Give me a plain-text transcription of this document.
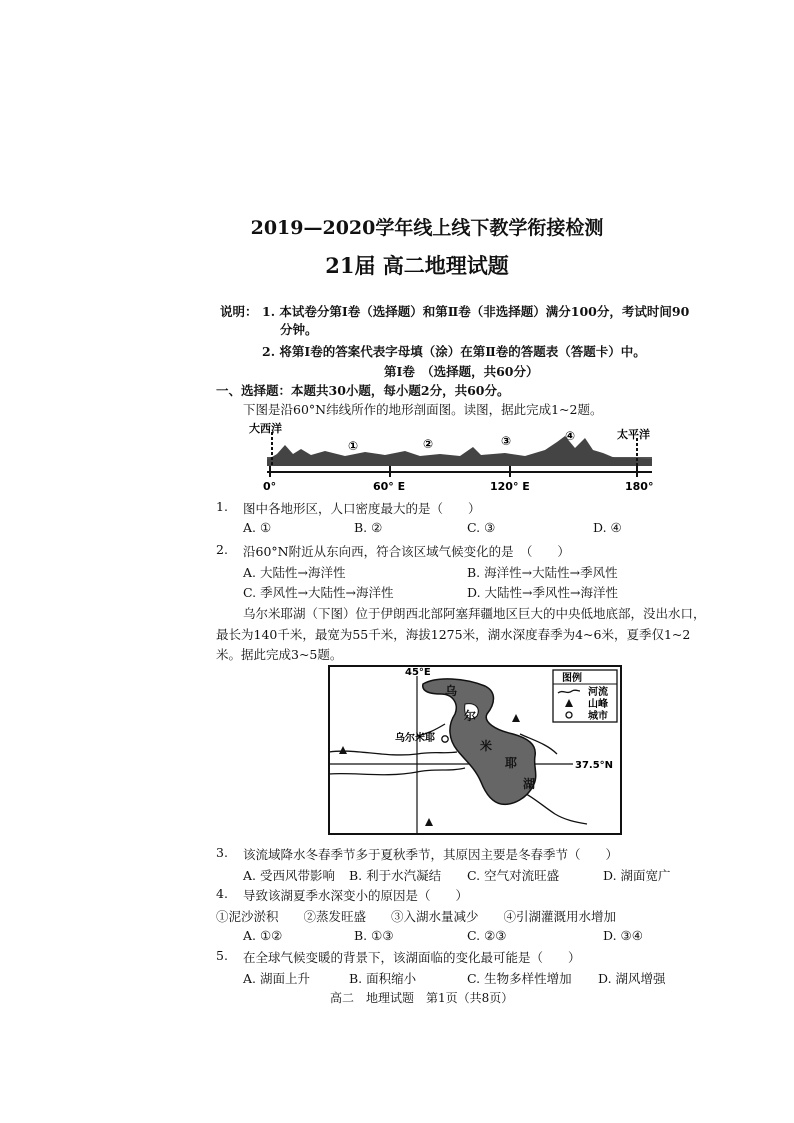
2019—2020学年线上线下教学衔接检测
21届 高二地理试题
说明： 1. 本试卷分第Ⅰ卷（选择题）和第Ⅱ卷（非选择题）满分100分，考试时间90
分钟。
2. 将第Ⅰ卷的答案代表字母填（涂）在第Ⅱ卷的答题表（答题卡）中。
第Ⅰ卷　（选择题，共60分）
一、选择题：本题共30小题，每小题2分，共60分。
下图是沿60°N纬线所作的地形剖面图。读图，据此完成1~2题。
大西洋	太平洋
①	②	③	④
0°	60° E	120° E	180°
1. 图中各地形区，人口密度最大的是（　　）
A. ①	B. ②	C. ③	D. ④
2. 沿60°N附近从东向西，符合该区域气候变化的是　（　　）
A. 大陆性→海洋性	B. 海洋性→大陆性→季风性
C. 季风性→大陆性→海洋性	D. 大陆性→季风性→海洋性
乌尔米耶湖（下图）位于伊朗西北部阿塞拜疆地区巨大的中央低地底部，没出水口，
最长为140千米，最宽为55千米，海拔1275米，湖水深度春季为4~6米，夏季仅1~2
米。据此完成3~5题。
乌
尔
米
耶
湖
乌尔米耶
45°E
37.5°N
图例
河流
山峰
城市
3. 该流域降水冬春季节多于夏秋季节，其原因主要是冬春季节（　　）
A. 受西风带影响 B. 利于水汽凝结 C. 空气对流旺盛	D. 湖面宽广
4. 导致该湖夏季水深变小的原因是（　　）
①泥沙淤积　　②蒸发旺盛　　③入湖水量减少　　④引湖灌溉用水增加
A. ①②	B. ①③	C. ②③	D. ③④
5. 在全球气候变暖的背景下，该湖面临的变化最可能是（　　）
A. 湖面上升	B. 面积缩小	C. 生物多样性增加 D. 湖风增强
高二　地理试题　第1页（共8页）
